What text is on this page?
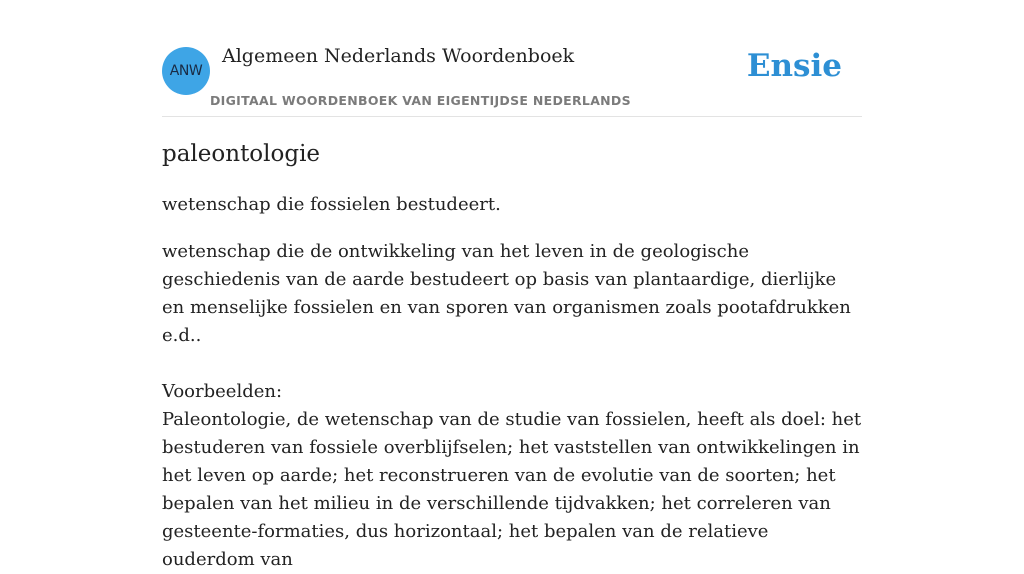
ANW
Algemeen Nederlands Woordenboek
DIGITAAL WOORDENBOEK VAN EIGENTIJDSE NEDERLANDS
Ensie
paleontologie

wetenschap die fossielen bestudeert.

wetenschap die de ontwikkeling van het leven in de geologische geschiedenis van de aarde bestudeert op basis van plantaardige, dierlijke en menselijke fossielen en van sporen van organismen zoals pootafdrukken e.d..
Voorbeelden:
Paleontologie, de wetenschap van de studie van fossielen, heeft als doel: het bestuderen van fossiele overblijfselen; het vaststellen van ontwikkelingen in het leven op aarde; het reconstrueren van de evolutie van de soorten; het bepalen van het milieu in de verschillende tijdvakken; het correleren van gesteente-formaties, dus horizontaal; het bepalen van de relatieve ouderdom van
